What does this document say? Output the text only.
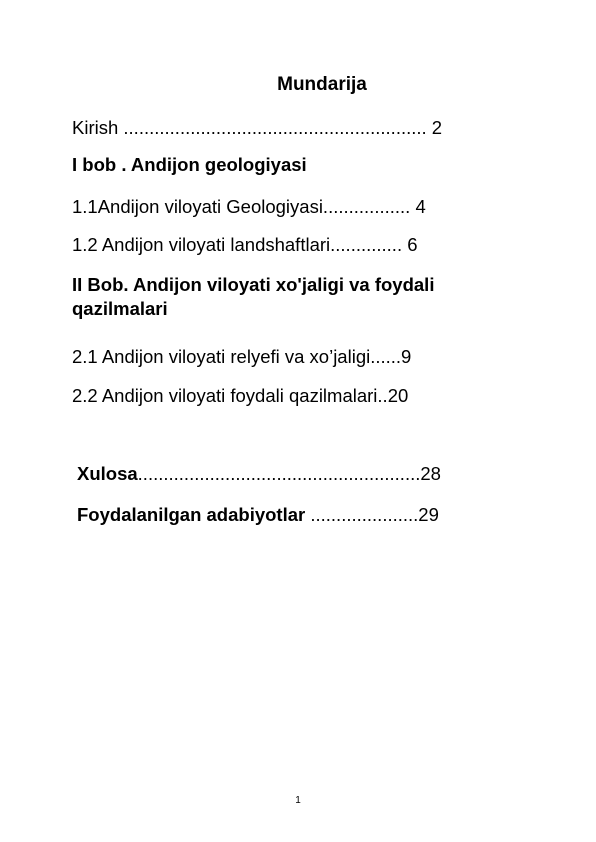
Mundarija
Kirish ........................................................... 2
I bob . Andijon geologiyasi
1.1Andijon viloyati Geologiyasi................. 4
1.2 Andijon viloyati landshaftlari.............. 6
II Bob. Andijon viloyati xo'jaligi va foydali qazilmalari
2.1 Andijon viloyati relyefi va xo’jaligi......9
2.2 Andijon viloyati foydali qazilmalari..20
Xulosa.......................................................28
Foydalanilgan adabiyotlar .....................29
1
